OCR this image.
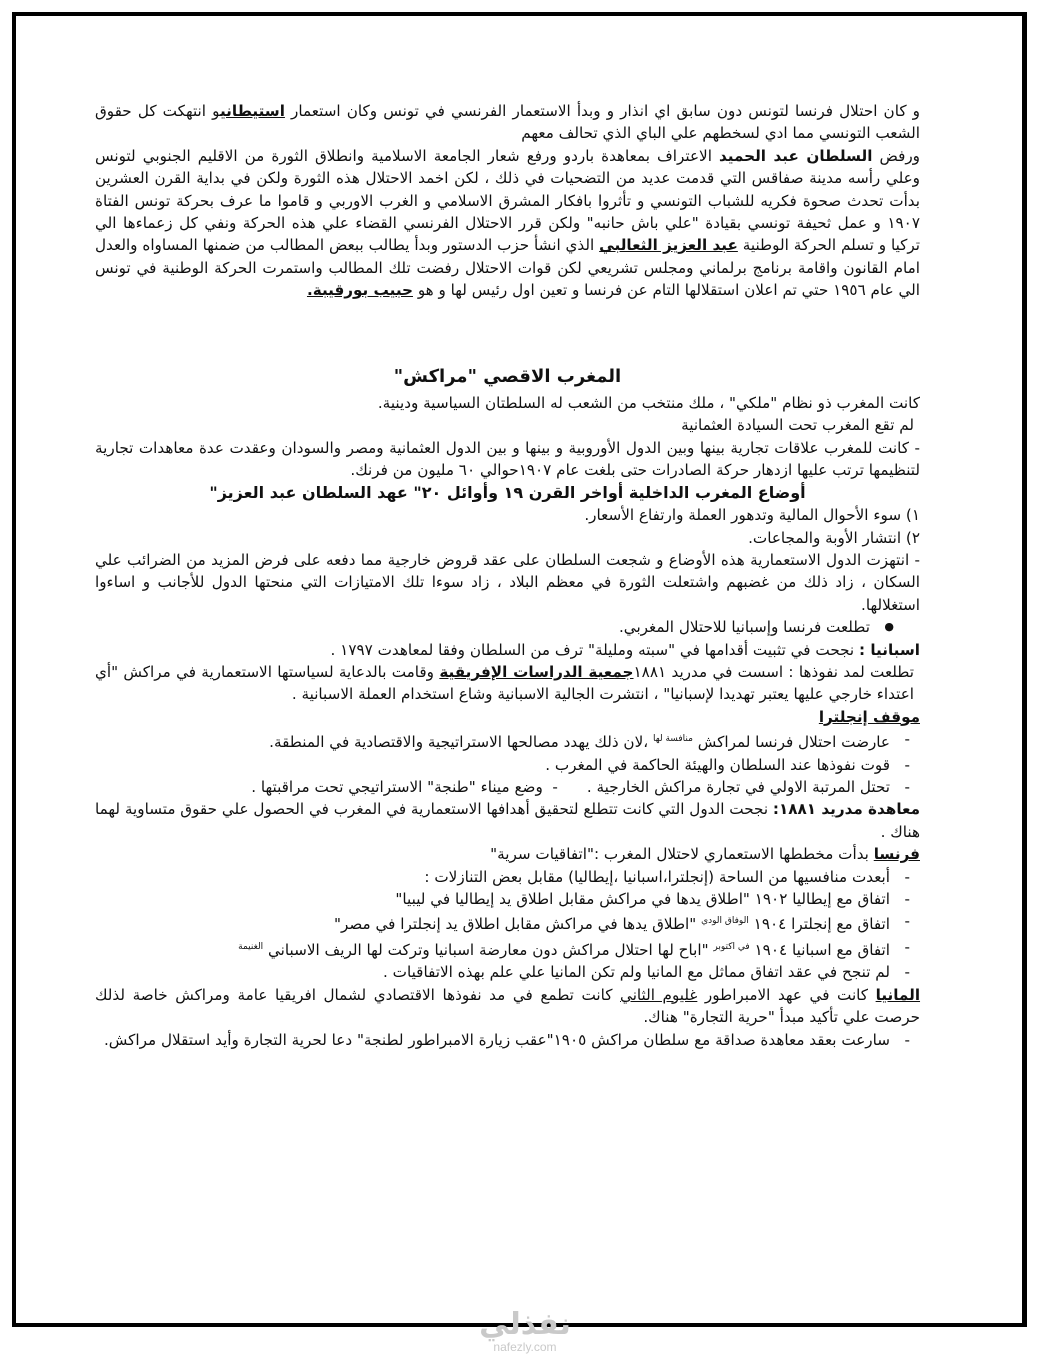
و كان احتلال فرنسا لتونس دون سابق اي انذار و وبدأ الاستعمار الفرنسي في تونس وكان استعمار استيطانيو انتهكت كل حقوق الشعب التونسي مما ادي لسخطهم علي الباي الذي تحالف معهم

ورفض السلطان عبد الحميد الاعتراف بمعاهدة باردو ورفع شعار الجامعة الاسلامية وانطلاق الثورة من الاقليم الجنوبي لتونس وعلي رأسه مدينة صفاقس التي قدمت عديد من التضحيات في ذلك ، لكن اخمد الاحتلال هذه الثورة ولكن في بداية القرن العشرين بدأت تحدث صحوة فكريه للشباب التونسي و تأثروا بافكار المشرق الاسلامي و الغرب الاوربي و قاموا ما عرف بحركة تونس الفتاة ١٩٠٧ و عمل ثحيفة تونسي بقيادة "علي باش حانبه" ولكن قرر الاحتلال الفرنسي القضاء علي هذه الحركة ونفي كل زعماءها الي تركيا و تسلم الحركة الوطنية عبد العزيز الثعالبي الذي انشأ حزب الدستور وبدأ يطالب ببعض المطالب من ضمنها المساواه والعدل امام القانون واقامة برنامج برلماني ومجلس تشريعي لكن قوات الاحتلال رفضت تلك المطالب واستمرت الحركة الوطنية في تونس الي عام ١٩٥٦ حتي تم اعلان استقلالها التام عن فرنسا و تعين اول رئيس لها و هو حبيب بورقيبة.

المغرب الاقصي "مراكش"

كانت المغرب ذو نظام "ملكي" ، ملك منتخب من الشعب له السلطتان السياسية ودينية.

لم تقع المغرب تحت السيادة العثمانية

- كانت للمغرب علاقات تجارية بينها وبين الدول الأوروبية و بينها و بين الدول العثمانية ومصر والسودان وعقدت عدة معاهدات تجارية لتنظيمها ترتب عليها ازدهار حركة الصادرات حتى بلغت عام ١٩٠٧حوالي ٦٠ مليون من فرنك.

أوضاع المغرب الداخلية أواخر القرن ١٩ وأوائل ٢٠" عهد السلطان عبد العزيز"

١) سوء الأحوال المالية وتدهور العملة وارتفاع الأسعار.

٢) انتشار الأوبة والمجاعات.

- انتهزت الدول الاستعمارية هذه الأوضاع و شجعت السلطان على عقد قروض خارجية مما دفعه على فرض المزيد من الضرائب علي السكان ، زاد ذلك من غضبهم واشتعلت الثورة في معظم البلاد ، زاد سوءا تلك الامتيازات التي منحتها الدول للأجانب و اساءوا استغلالها.

● تطلعت فرنسا وإسبانيا للاحتلال المغربي.

اسبانيا : نجحت في تثبيت أقدامها في "سبته ومليلة" ترف من السلطان وفقا لمعاهدت ١٧٩٧ .

تطلعت لمد نفوذها : اسست في مدريد ١٨٨١جمعية الدراسات الإفريقية وقامت بالدعاية لسياستها الاستعمارية في مراكش "أي اعتداء خارجي عليها يعتبر تهديدا لإسبانيا" ، انتشرت الجالية الاسبانية وشاع استخدام العملة الاسبانية .

موقف إنجلترا

- عارضت احتلال فرنسا لمراكش $^{منافسة لها}$ ،لان ذلك يهدد مصالحها الاستراتيجية والاقتصادية في المنطقة.
- قوت نفوذها عند السلطان والهيئة الحاكمة في المغرب .
- تحتل المرتبة الاولي في تجارة مراكش الخارجية .      -  وضع ميناء "طنجة" الاستراتيجي تحت مراقبتها .

معاهدة مدريد ١٨٨١: نجحت الدول التي كانت تتطلع لتحقيق أهدافها الاستعمارية في المغرب في الحصول علي حقوق متساوية لهما هناك .

فرنسا بدأت مخططها الاستعماري لاحتلال المغرب :"اتفاقيات سرية"

- أبعدت منافسيها من الساحة (إنجلترا،اسبانيا ،إيطاليا) مقابل بعض التنازلات :
- اتفاق مع إيطاليا ١٩٠٢ "اطلاق يدها في مراكش مقابل اطلاق يد إيطاليا في ليبيا"
- اتفاق مع إنجلترا ١٩٠٤ $^{الوفاق الودي}$ "اطلاق يدها في مراكش مقابل اطلاق يد إنجلترا في مصر"
- اتفاق مع اسبانيا ١٩٠٤ $^{في اكتوبر}$ "اباح لها احتلال مراكش دون معارضة اسبانيا وتركت لها الريف الاسباني $^{الغنيمة}$
- لم تنجح في عقد اتفاق مماثل مع المانيا ولم تكن المانيا علي علم بهذه الاتفاقيات .

المانيا كانت في عهد الامبراطور غليوم الثاني كانت تطمع في مد نفوذها الاقتصادي لشمال افريقيا عامة ومراكش خاصة لذلك حرصت علي تأكيد مبدأ "حرية التجارة" هناك.

- سارعت بعقد معاهدة صداقة مع سلطان مراكش ١٩٠٥"عقب زيارة الامبراطور لطنجة" دعا لحرية التجارة وأيد استقلال مراكش.
نفذلي
nafezly.com
